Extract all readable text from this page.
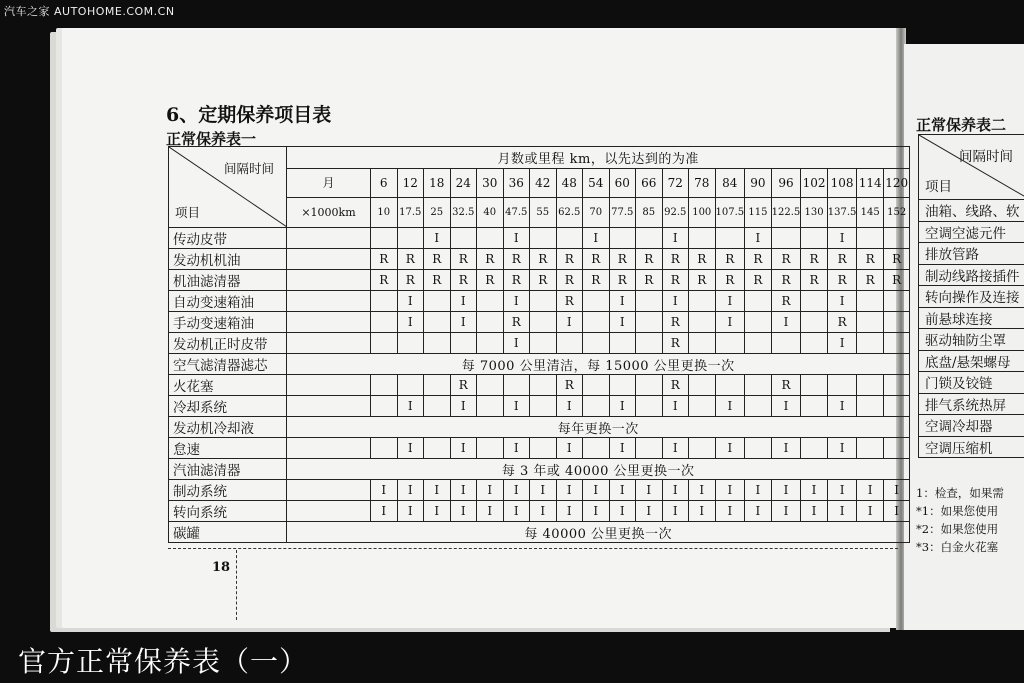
汽车之家 AUTOHOME.COM.CN
6、定期保养项目表
正常保养表一
间隔时间
项目	月数或里程 km，以先达到的为准																				
	月	6	12	18	24	30	36	42	48	54	60	66	72	78	84	90	96	102	108	114	120
	×1000km	10	17.5	25	32.5	40	47.5	55	62.5	70	77.5	85	92.5	100	107.5	115	122.5	130	137.5	145	152
传动皮带				I			I			I			I			I			I		
发动机机油		R	R	R	R	R	R	R	R	R	R	R	R	R	R	R	R	R	R	R	R
机油滤清器		R	R	R	R	R	R	R	R	R	R	R	R	R	R	R	R	R	R	R	R
自动变速箱油			I		I		I		R		I		I		I		R		I		
手动变速箱油			I		I		R		I		I		R		I		I		R		
发动机正时皮带							I						R						I		
空气滤清器滤芯	每 7000 公里清洁，每 15000 公里更换一次																				
火花塞					R				R				R				R				
冷却系统			I		I		I		I		I		I		I		I		I		
发动机冷却液	每年更换一次																				
怠速			I		I		I		I		I		I		I		I		I		
汽油滤清器	每 3 年或 40000 公里更换一次																				
制动系统		I	I	I	I	I	I	I	I	I	I	I	I	I	I	I	I	I	I	I	I
转向系统		I	I	I	I	I	I	I	I	I	I	I	I	I	I	I	I	I	I	I	I
碳罐	每 40000 公里更换一次																				
18
正常保养表二
间隔时间
项目

油箱、线路、软
空调空滤元件
排放管路
制动线路接插件
转向操作及连接
前悬球连接
驱动轴防尘罩
底盘/悬架螺母
门锁及铰链
排气系统热屏
空调冷却器
空调压缩机
1：检查，如果需
*1：如果您使用
*2：如果您使用
*3：白金火花塞
官方正常保养表（一）
